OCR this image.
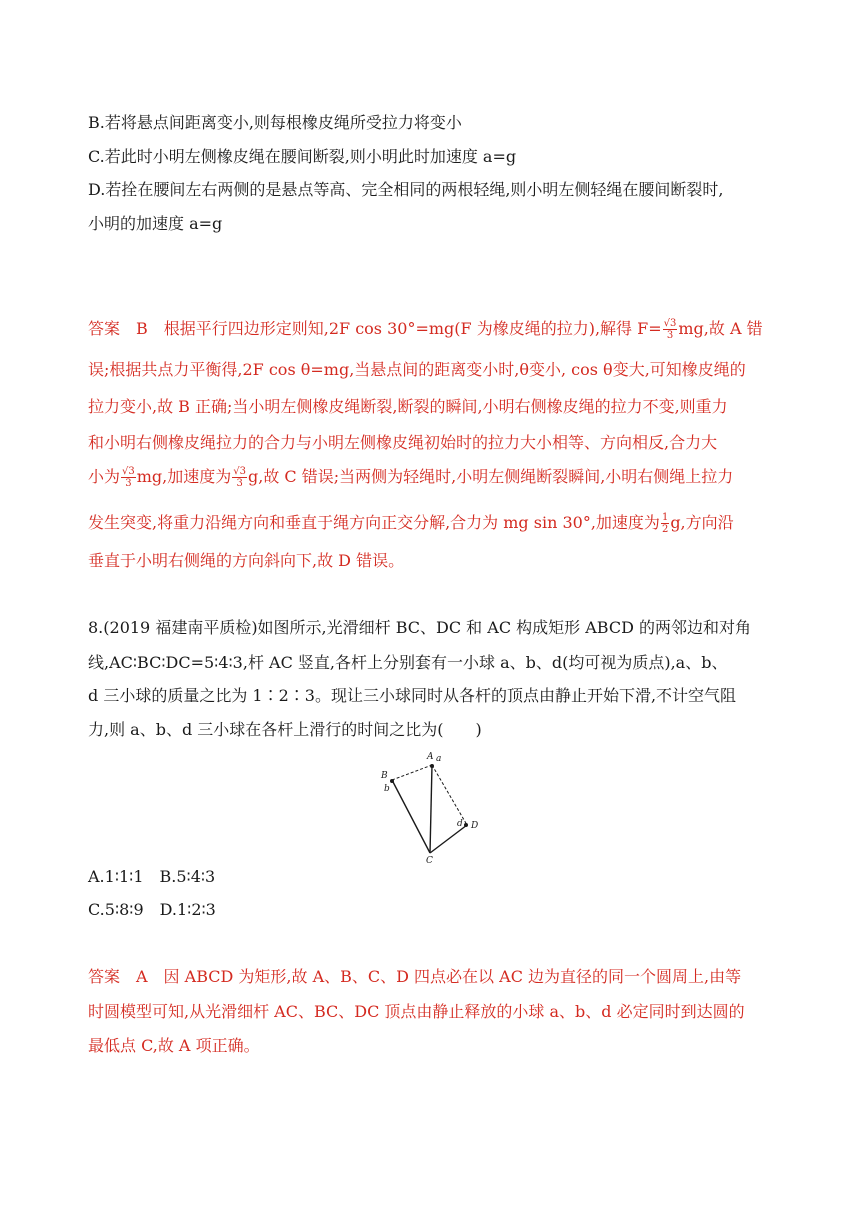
B.若将悬点间距离变小,则每根橡皮绳所受拉力将变小
C.若此时小明左侧橡皮绳在腰间断裂,则小明此时加速度 a=g
D.若拴在腰间左右两侧的是悬点等高、完全相同的两根轻绳,则小明左侧轻绳在腰间断裂时,
小明的加速度 a=g
答案　B　根据平行四边形定则知,2F cos 30°=mg(F 为橡皮绳的拉力),解得 $F= \frac{√3}{3}$ mg,故 A 错
误;根据共点力平衡得,2F cos θ=mg,当悬点间的距离变小时,θ变小, cos θ变大,可知橡皮绳的
拉力变小,故 B 正确;当小明左侧橡皮绳断裂,断裂的瞬间,小明右侧橡皮绳的拉力不变,则重力
和小明右侧橡皮绳拉力的合力与小明左侧橡皮绳初始时的拉力大小相等、方向相反,合力大
小为 $\frac{√3}{3}$ mg,加速度为 $\frac{√3}{3} g$,故 C 错误;当两侧为轻绳时,小明左侧绳断裂瞬间,小明右侧绳上拉力
发生突变,将重力沿绳方向和垂直于绳方向正交分解,合力为 mg sin 30°,加速度为 $\frac{1}{2} g$,方向沿
垂直于小明右侧绳的方向斜向下,故 D 错误。
8.(2019 福建南平质检)如图所示,光滑细杆 BC、DC 和 AC 构成矩形 ABCD 的两邻边和对角
线,AC∶BC∶DC=5∶4∶3,杆 AC 竖直,各杆上分别套有一小球 a、b、d(均可视为质点),a、b、
d 三小球的质量之比为 1∶2∶3。现让三小球同时从各杆的顶点由静止开始下滑,不计空气阻
力,则 a、b、d 三小球在各杆上滑行的时间之比为(　　)
A a
B
b
C
D
d
A.1∶1∶1　B.5∶4∶3
C.5∶8∶9　D.1∶2∶3
答案　A　因 ABCD 为矩形,故 A、B、C、D 四点必在以 AC 边为直径的同一个圆周上,由等
时圆模型可知,从光滑细杆 AC、BC、DC 顶点由静止释放的小球 a、b、d 必定同时到达圆的
最低点 C,故 A 项正确。
